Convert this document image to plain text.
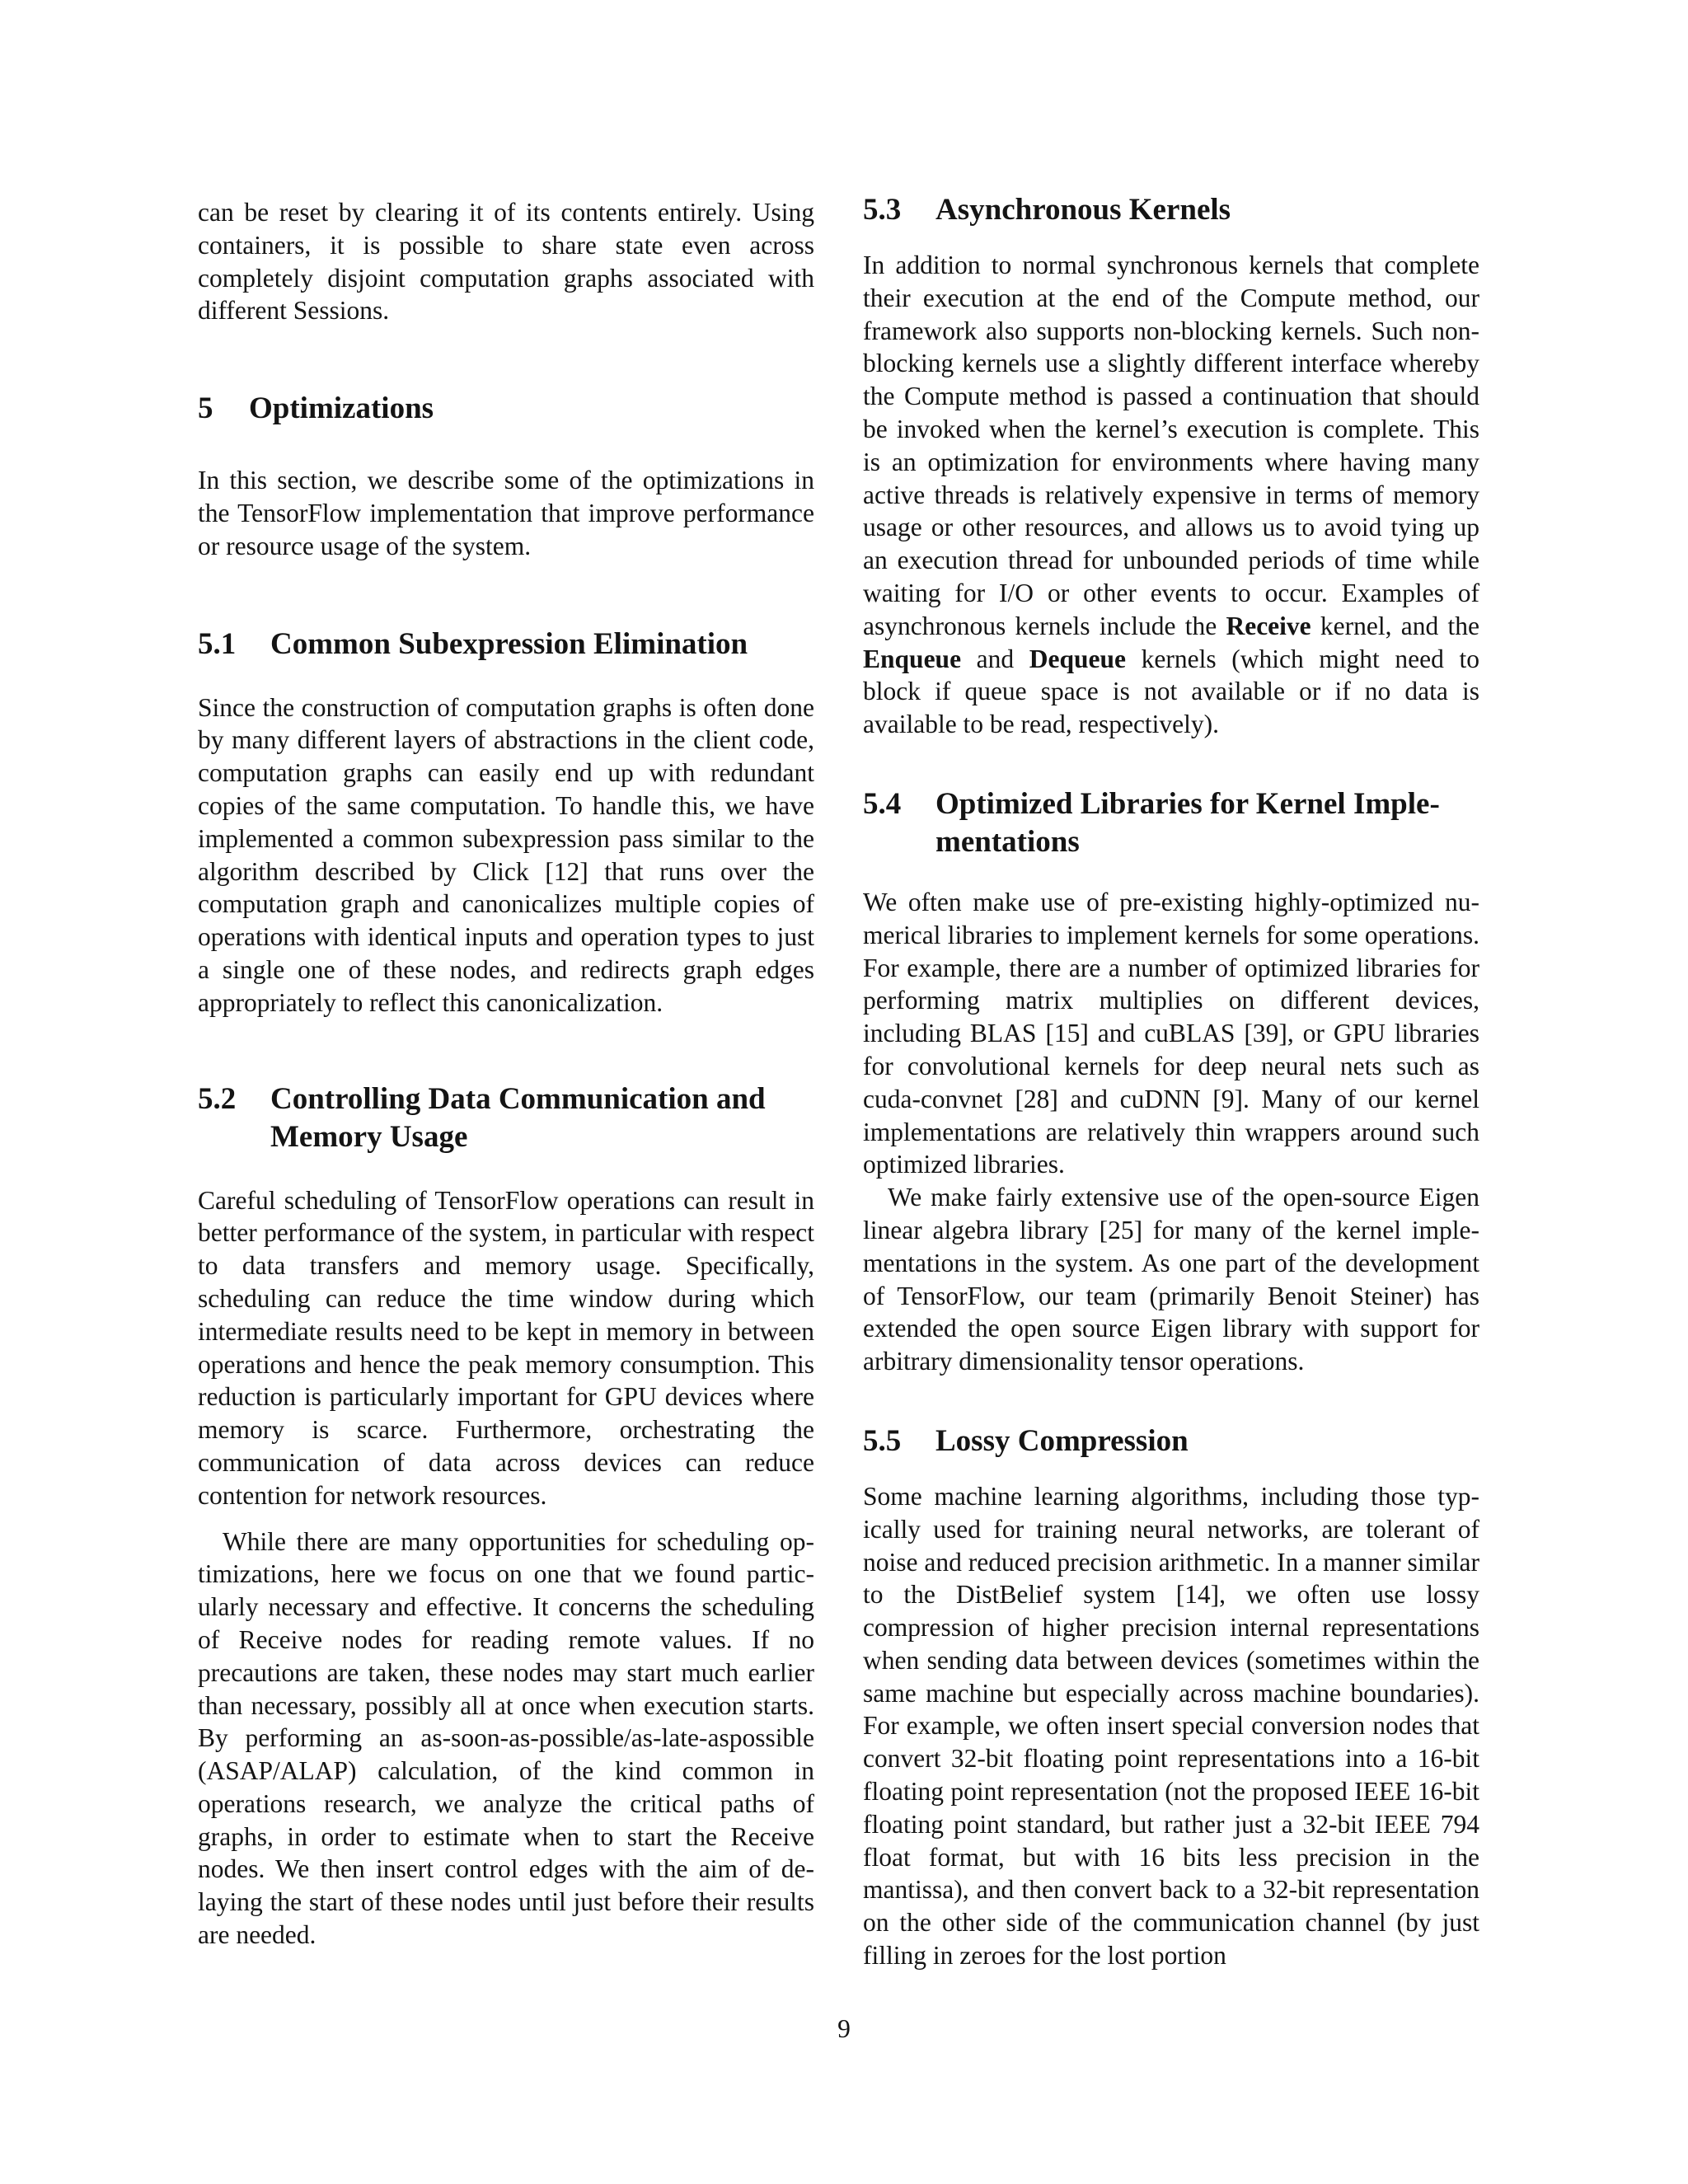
can be reset by clearing it of its contents entirely. Using containers, it is possible to share state even across completely disjoint computation graphs associated with different Sessions.

5	Optimizations

In this section, we describe some of the optimizations in the TensorFlow implementation that improve performance or resource usage of the system.

5.1	Common Subexpression Elimination

Since the construction of computation graphs is often done by many different layers of abstractions in the client code, computation graphs can easily end up with redundant copies of the same computation. To handle this, we have implemented a common subexpression pass similar to the algorithm described by Click [12] that runs over the computation graph and canonicalizes multiple copies of operations with identical inputs and operation types to just a single one of these nodes, and redirects graph edges appropriately to reflect this canonicalization.

5.2	Controlling Data Communication and Memory Usage

Careful scheduling of TensorFlow operations can result in better performance of the system, in particular with respect to data transfers and memory usage. Specifically, scheduling can reduce the time window during which intermediate results need to be kept in memory in between operations and hence the peak memory consumption. This reduction is particularly important for GPU devices where memory is scarce. Furthermore, orchestrating the communication of data across devices can reduce contention for network resources.

While there are many opportunities for scheduling optimizations, here we focus on one that we found particularly necessary and effective. It concerns the scheduling of Receive nodes for reading remote values. If no precautions are taken, these nodes may start much earlier than necessary, possibly all at once when execution starts. By performing an as-soon-as-possible/as-late-aspossible (ASAP/ALAP) calculation, of the kind common in operations research, we analyze the critical paths of graphs, in order to estimate when to start the Receive nodes. We then insert control edges with the aim of delaying the start of these nodes until just before their results are needed.

5.3	Asynchronous Kernels

In addition to normal synchronous kernels that complete their execution at the end of the Compute method, our framework also supports non-blocking kernels. Such non-blocking kernels use a slightly different interface whereby the Compute method is passed a continuation that should be invoked when the kernel’s execution is complete. This is an optimization for environments where having many active threads is relatively expensive in terms of memory usage or other resources, and allows us to avoid tying up an execution thread for unbounded periods of time while waiting for I/O or other events to occur. Examples of asynchronous kernels include the Receive kernel, and the Enqueue and Dequeue kernels (which might need to block if queue space is not available or if no data is available to be read, respectively).

5.4	Optimized Libraries for Kernel Implementations

We often make use of pre-existing highly-optimized numerical libraries to implement kernels for some operations. For example, there are a number of optimized libraries for performing matrix multiplies on different devices, including BLAS [15] and cuBLAS [39], or GPU libraries for convolutional kernels for deep neural nets such as cuda-convnet [28] and cuDNN [9]. Many of our kernel implementations are relatively thin wrappers around such optimized libraries.

We make fairly extensive use of the open-source Eigen linear algebra library [25] for many of the kernel implementations in the system. As one part of the development of TensorFlow, our team (primarily Benoit Steiner) has extended the open source Eigen library with support for arbitrary dimensionality tensor operations.

5.5	Lossy Compression

Some machine learning algorithms, including those typically used for training neural networks, are tolerant of noise and reduced precision arithmetic. In a manner similar to the DistBelief system [14], we often use lossy compression of higher precision internal representations when sending data between devices (sometimes within the same machine but especially across machine boundaries). For example, we often insert special conversion nodes that convert 32-bit floating point representations into a 16-bit floating point representation (not the proposed IEEE 16-bit floating point standard, but rather just a 32-bit IEEE 794 float format, but with 16 bits less precision in the mantissa), and then convert back to a 32-bit representation on the other side of the communication channel (by just filling in zeroes for the lost portion

9
